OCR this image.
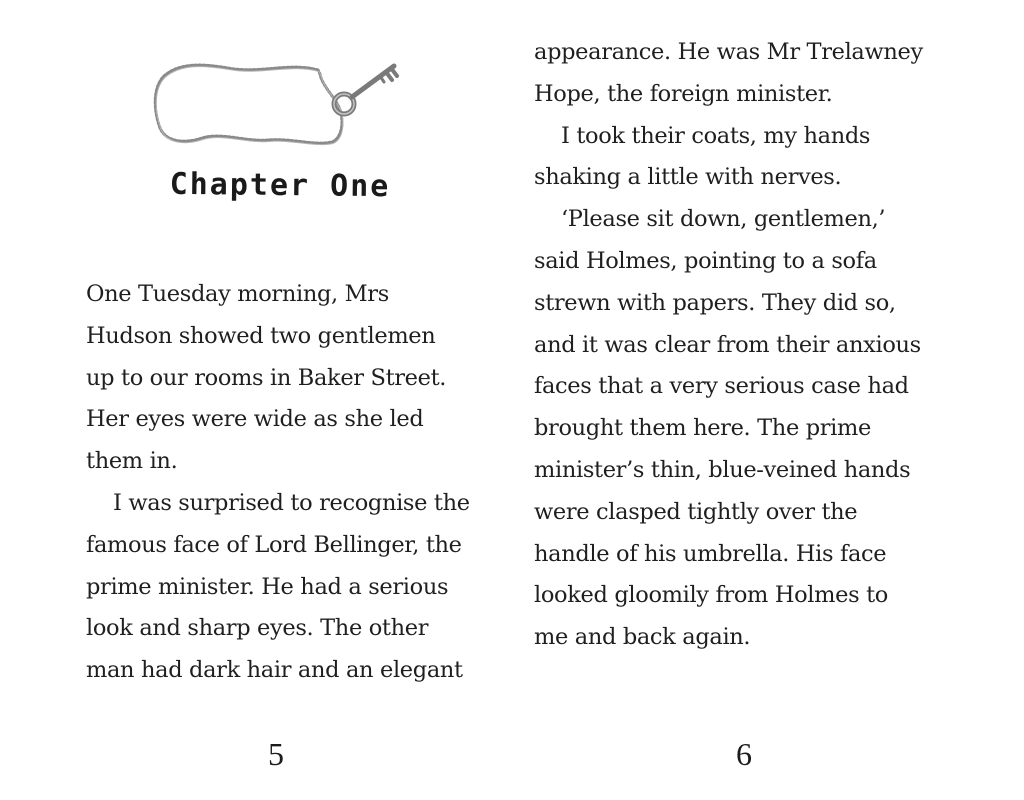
Chapter One
One Tuesday morning, Mrs
Hudson showed two gentlemen
up to our rooms in Baker Street.
Her eyes were wide as she led
them in.
I was surprised to recognise the
famous face of Lord Bellinger, the
prime minister. He had a serious
look and sharp eyes. The other
man had dark hair and an elegant
5
appearance. He was Mr Trelawney
Hope, the foreign minister.
I took their coats, my hands
shaking a little with nerves.
‘Please sit down, gentlemen,’
said Holmes, pointing to a sofa
strewn with papers. They did so,
and it was clear from their anxious
faces that a very serious case had
brought them here. The prime
minister’s thin, blue-veined hands
were clasped tightly over the
handle of his umbrella. His face
looked gloomily from Holmes to
me and back again.
6
